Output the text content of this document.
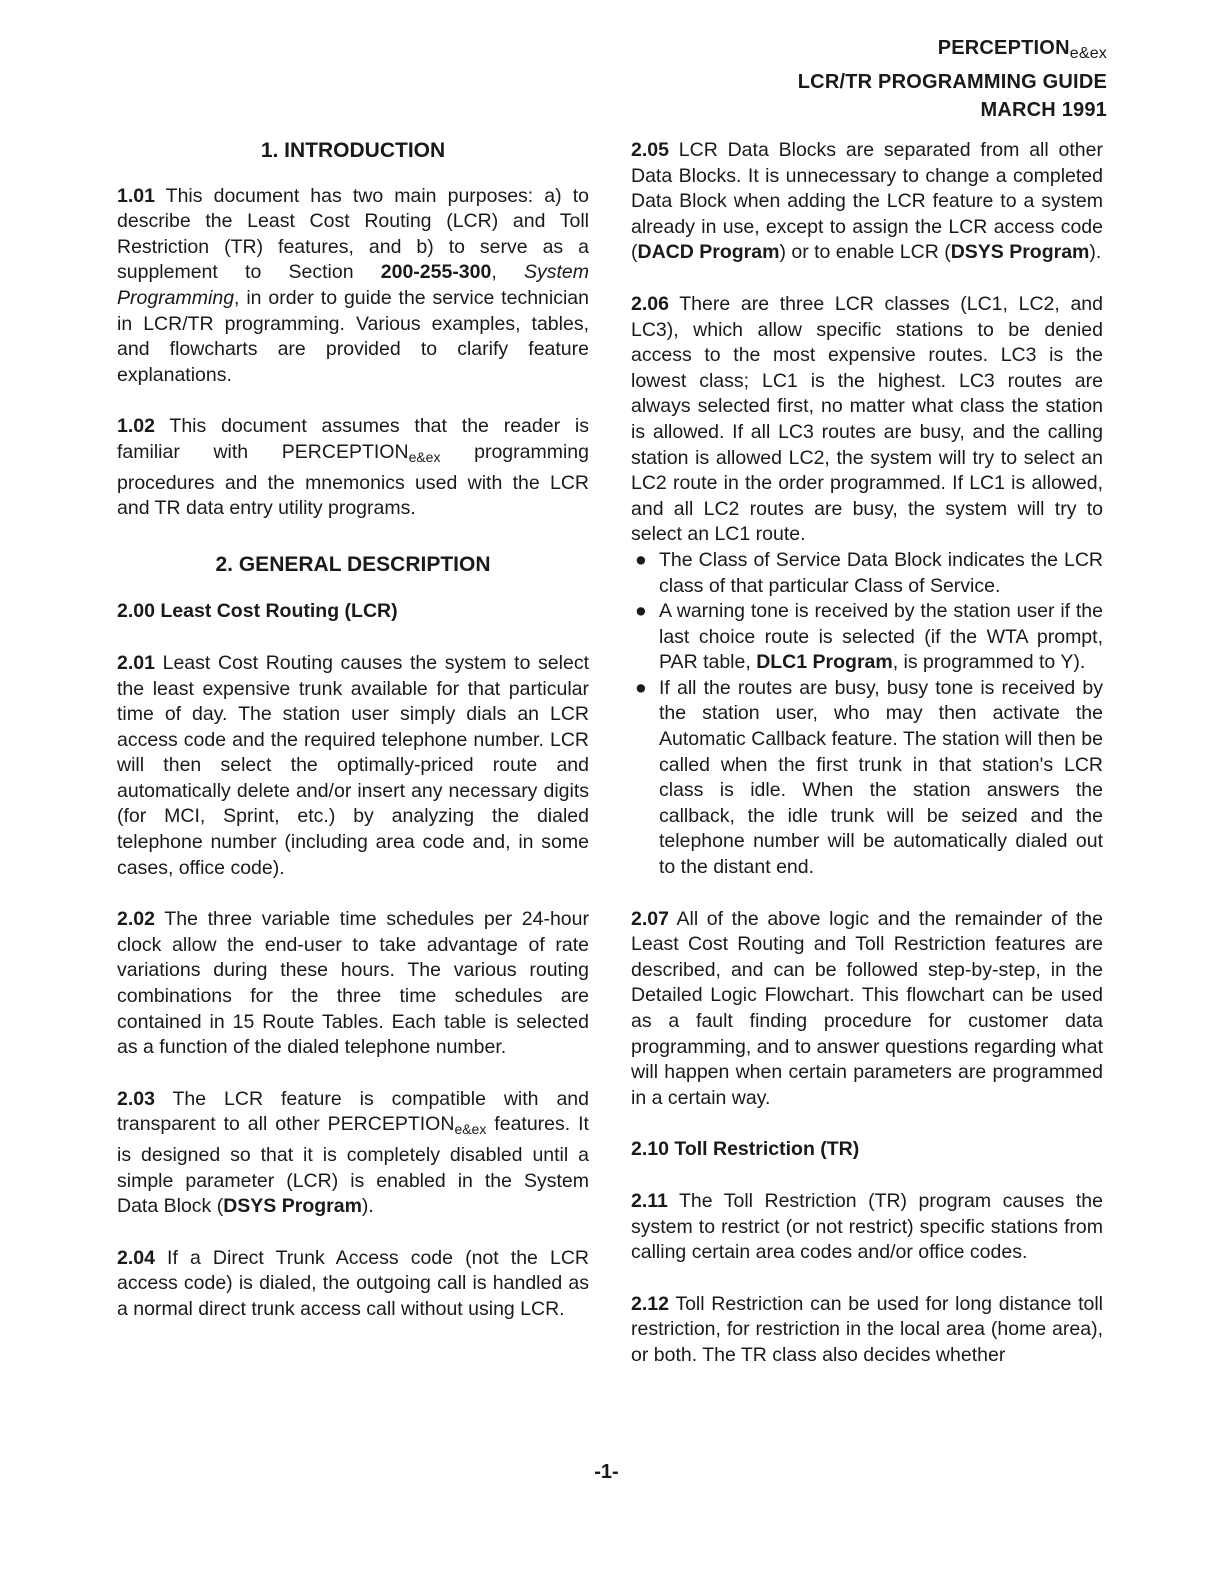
$PERCEPTION_{e\&ex}$
LCR/TR PROGRAMMING GUIDE
MARCH 1991
1. INTRODUCTION
1.01 This document has two main purposes: a) to describe the Least Cost Routing (LCR) and Toll Restriction (TR) features, and b) to serve as a supplement to Section 200-255-300, System Programming, in order to guide the service technician in LCR/TR programming. Various examples, tables, and flowcharts are provided to clarify feature explanations.
1.02 This document assumes that the reader is familiar with $PERCEPTION_{e\&ex}$ programming procedures and the mnemonics used with the LCR and TR data entry utility programs.
2. GENERAL DESCRIPTION
2.00 Least Cost Routing (LCR)
2.01 Least Cost Routing causes the system to select the least expensive trunk available for that particular time of day. The station user simply dials an LCR access code and the required telephone number. LCR will then select the optimally-priced route and automatically delete and/or insert any necessary digits (for MCI, Sprint, etc.) by analyzing the dialed telephone number (including area code and, in some cases, office code).
2.02 The three variable time schedules per 24-hour clock allow the end-user to take advantage of rate variations during these hours. The various routing combinations for the three time schedules are contained in 15 Route Tables. Each table is selected as a function of the dialed telephone number.
2.03 The LCR feature is compatible with and transparent to all other $PERCEPTION_{e\&ex}$ features. It is designed so that it is completely disabled until a simple parameter (LCR) is enabled in the System Data Block (DSYS Program).
2.04 If a Direct Trunk Access code (not the LCR access code) is dialed, the outgoing call is handled as a normal direct trunk access call without using LCR.
2.05 LCR Data Blocks are separated from all other Data Blocks. It is unnecessary to change a completed Data Block when adding the LCR feature to a system already in use, except to assign the LCR access code (DACD Program) or to enable LCR (DSYS Program).
2.06 There are three LCR classes (LC1, LC2, and LC3), which allow specific stations to be denied access to the most expensive routes. LC3 is the lowest class; LC1 is the highest. LC3 routes are always selected first, no matter what class the station is allowed. If all LC3 routes are busy, and the calling station is allowed LC2, the system will try to select an LC2 route in the order programmed. If LC1 is allowed, and all LC2 routes are busy, the system will try to select an LC1 route.
● The Class of Service Data Block indicates the LCR class of that particular Class of Service.
● A warning tone is received by the station user if the last choice route is selected (if the WTA prompt, PAR table, DLC1 Program, is programmed to Y).
● If all the routes are busy, busy tone is received by the station user, who may then activate the Automatic Callback feature. The station will then be called when the first trunk in that station's LCR class is idle. When the station answers the callback, the idle trunk will be seized and the telephone number will be automatically dialed out to the distant end.
2.07 All of the above logic and the remainder of the Least Cost Routing and Toll Restriction features are described, and can be followed step-by-step, in the Detailed Logic Flowchart. This flowchart can be used as a fault finding procedure for customer data programming, and to answer questions regarding what will happen when certain parameters are programmed in a certain way.
2.10 Toll Restriction (TR)
2.11 The Toll Restriction (TR) program causes the system to restrict (or not restrict) specific stations from calling certain area codes and/or office codes.
2.12 Toll Restriction can be used for long distance toll restriction, for restriction in the local area (home area), or both. The TR class also decides whether
-1-
